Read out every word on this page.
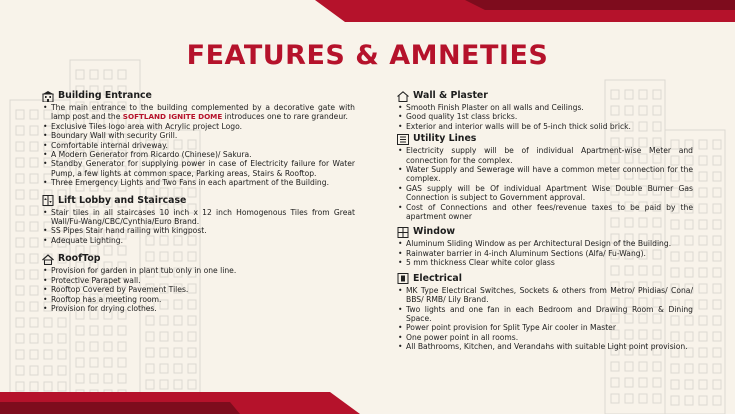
FEATURES & AMNETIES
Building Entrance
• The main entrance to the building complemented by a decorative gate with lamp post and the SOFTLAND IGNITE DOME introduces one to rare grandeur.
• Exclusive Tiles logo area with Acrylic project Logo.
• Boundary Wall with security Grill.
• Comfortable internal driveway.
• A Modern Generator from Ricardo (Chinese)/ Sakura.
• Standby Generator for supplying power in case of Electricity failure for Water Pump, a few lights at common space, Parking areas, Stairs & Rooftop.
• Three Emergency Lights and Two Fans in each apartment of the Building.
Lift Lobby and Staircase
• Stair tiles in all staircases 10 inch x 12 inch Homogenous Tiles from Great Wall/Fu-Wang/CBC/Cynthia/Euro Brand.
• SS Pipes Stair hand railing with kingpost.
• Adequate Lighting.
RoofTop
• Provision for garden in plant tub only in one line.
• Protective Parapet wall.
• Rooftop Covered by Pavement Tiles.
• Rooftop has a meeting room.
• Provision for drying clothes.
Wall & Plaster
• Smooth Finish Plaster on all walls and Ceilings.
• Good quality 1st class bricks.
• Exterior and interior walls will be of 5-inch thick solid brick.
Utility Lines
• Electricity supply will be of individual Apartment-wise Meter and connection for the complex.
• Water Supply and Sewerage will have a common meter connection for the complex.
• GAS supply will be Of individual Apartment Wise Double Burner Gas Connection is subject to Government approval.
• Cost of Connections and other fees/revenue taxes to be paid by the apartment owner
Window
• Aluminum Sliding Window as per Architectural Design of the Building.
• Rainwater barrier in 4-inch Aluminum Sections (Alfa/ Fu-Wang).
• 5 mm thickness Clear white color glass
Electrical
• MK Type Electrical Switches, Sockets & others from Metro/ Phidias/ Cona/ BBS/ RMB/ Lily Brand.
• Two lights and one fan in each Bedroom and Drawing Room & Dining Space.
• Power point provision for Split Type Air cooler in Master
• One power point in all rooms.
• All Bathrooms, Kitchen, and Verandahs with suitable Light point provision.
